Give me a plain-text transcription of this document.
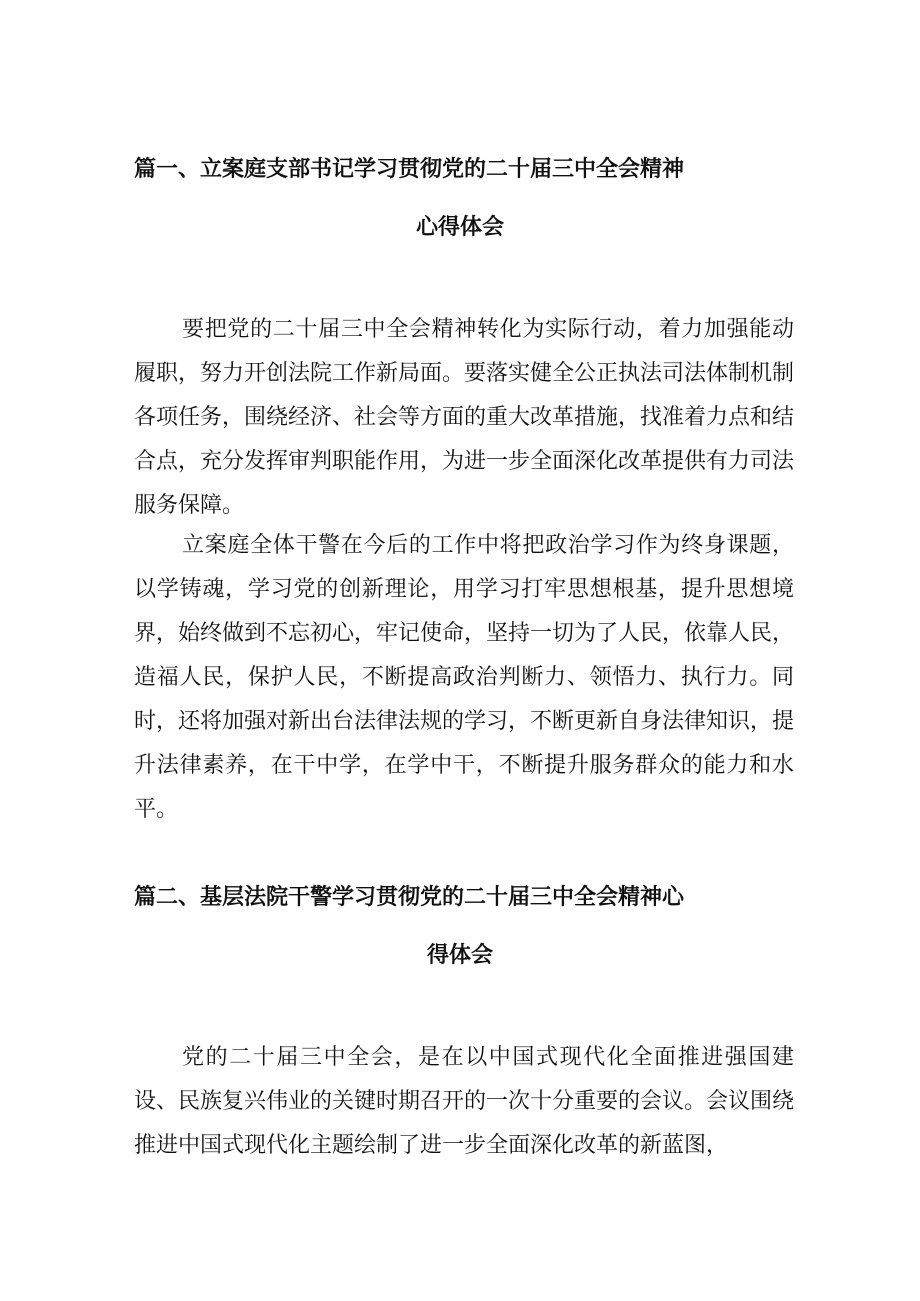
篇一、立案庭支部书记学习贯彻党的二十届三中全会精神
心得体会

要把党的二十届三中全会精神转化为实际行动，着力加强能动履职，努力开创法院工作新局面。要落实健全公正执法司法体制机制各项任务，围绕经济、社会等方面的重大改革措施，找准着力点和结合点，充分发挥审判职能作用，为进一步全面深化改革提供有力司法服务保障。

立案庭全体干警在今后的工作中将把政治学习作为终身课题，以学铸魂，学习党的创新理论，用学习打牢思想根基，提升思想境界，始终做到不忘初心，牢记使命，坚持一切为了人民，依靠人民，造福人民，保护人民，不断提高政治判断力、领悟力、执行力。同时，还将加强对新出台法律法规的学习，不断更新自身法律知识，提升法律素养，在干中学，在学中干，不断提升服务群众的能力和水平。

篇二、基层法院干警学习贯彻党的二十届三中全会精神心
得体会

党的二十届三中全会，是在以中国式现代化全面推进强国建设、民族复兴伟业的关键时期召开的一次十分重要的会议。会议围绕推进中国式现代化主题绘制了进一步全面深化改革的新蓝图，
